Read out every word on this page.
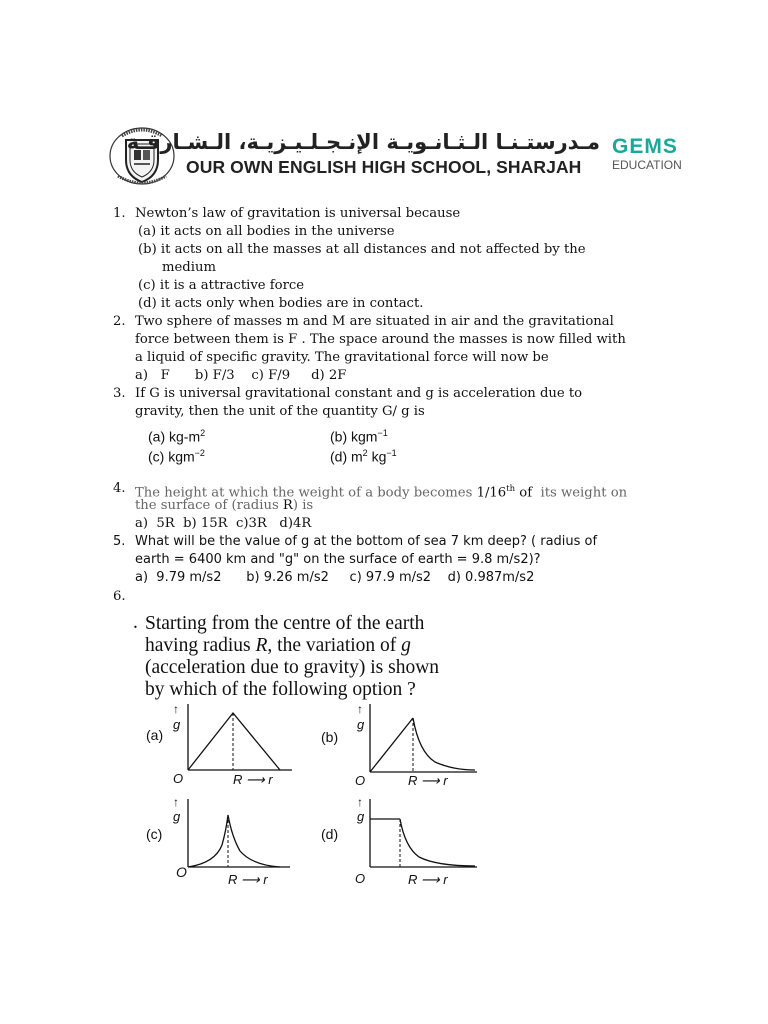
مـدرستـنـا الـثـانـويـة الإنـجـلـيـزيـة، الـشـارقـة
OUR OWN ENGLISH HIGH SCHOOL, SHARJAH
GEMS
EDUCATION
1. Newton’s law of gravitation is universal because
(a) it acts on all bodies in the universe
(b) it acts on all the masses at all distances and not affected by the
medium
(c) it is a attractive force
(d) it acts only when bodies are in contact.
2. Two sphere of masses m and M are situated in air and the gravitational
force between them is F . The space around the masses is now filled with
a liquid of specific gravity. The gravitational force will now be
a)   F      b) F/3    c) F/9     d) 2F
3. If G is universal gravitational constant and g is acceleration due to
gravity, then the unit of the quantity G/ g is
(a) $kg-m^2$	(b) kgm$^{-1}$
(c) kgm$^{-2}$	(d) $m^2$ $kg^{-1}$
4. The height at which the weight of a body becomes 1/16th of  its weight on
the surface of (radius R) is
a)  5R  b) 15R  c)3R   d)4R
5. What will be the value of g at the bottom of sea 7 km deep? ( radius of
earth = 6400 km and "g" on the surface of earth = 9.8 m/s2)?
a)  9.79 m/s2      b) 9.26 m/s2     c) 97.9 m/s2    d) 0.987m/s2
6.
. Starting from the centre of the earth
having radius R, the variation of g
(acceleration due to gravity) is shown
by which of the following option ?
(a)
↑
g
O	R ⟶ r
(b)
↑
g
O	R ⟶ r
(c)
↑
g
O	R ⟶ r
(d)
↑
g
O	R ⟶ r
